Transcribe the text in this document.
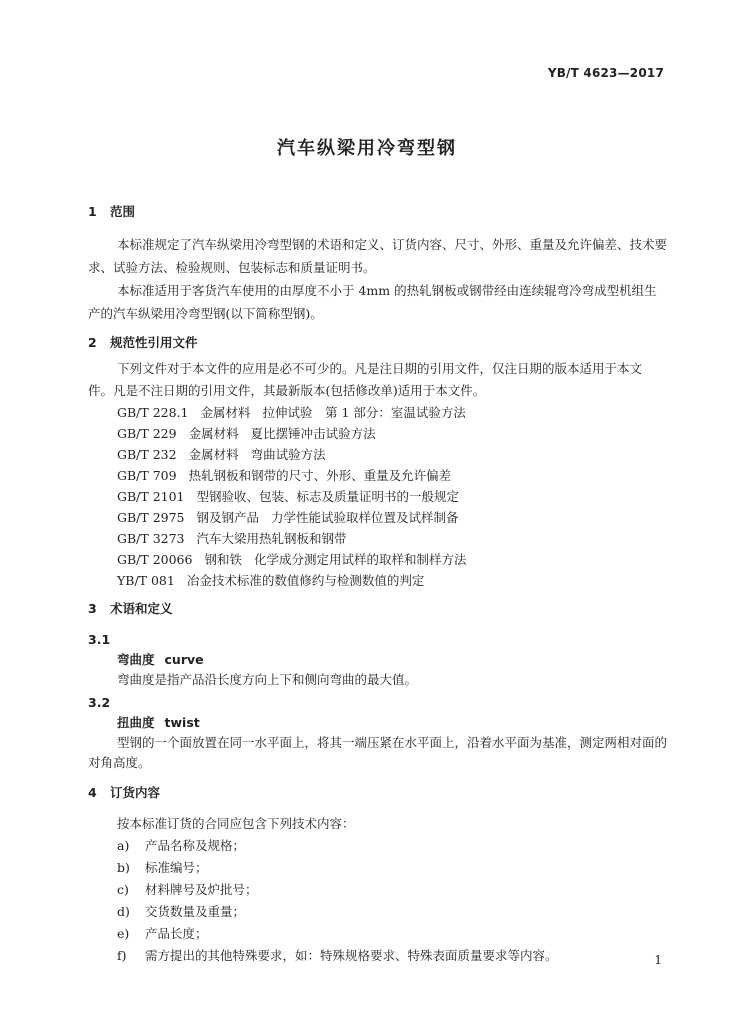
YB/T 4623—2017
汽车纵梁用冷弯型钢
1 范围
本标准规定了汽车纵梁用冷弯型钢的术语和定义、订货内容、尺寸、外形、重量及允许偏差、技术要
求、试验方法、检验规则、包装标志和质量证明书。
本标准适用于客货汽车使用的由厚度不小于 4mm 的热轧钢板或钢带经由连续辊弯冷弯成型机组生
产的汽车纵梁用冷弯型钢(以下简称型钢)。
2 规范性引用文件
下列文件对于本文件的应用是必不可少的。凡是注日期的引用文件，仅注日期的版本适用于本文
件。凡是不注日期的引用文件，其最新版本(包括修改单)适用于本文件。
GB/T 228.1 金属材料 拉伸试验　第 1 部分：室温试验方法
GB/T 229 金属材料 夏比摆锤冲击试验方法
GB/T 232 金属材料 弯曲试验方法
GB/T 709 热轧钢板和钢带的尺寸、外形、重量及允许偏差
GB/T 2101 型钢验收、包装、标志及质量证明书的一般规定
GB/T 2975 钢及钢产品 力学性能试验取样位置及试样制备
GB/T 3273 汽车大梁用热轧钢板和钢带
GB/T 20066 钢和铁 化学成分测定用试样的取样和制样方法
YB/T 081 冶金技术标准的数值修约与检测数值的判定
3 术语和定义
3.1
弯曲度 curve
弯曲度是指产品沿长度方向上下和侧向弯曲的最大值。
3.2
扭曲度 twist
型钢的一个面放置在同一水平面上，将其一端压紧在水平面上，沿着水平面为基准，测定两相对面的
对角高度。
4 订货内容
按本标准订货的合同应包含下列技术内容：
a) 产品名称及规格；
b) 标准编号；
c) 材料牌号及炉批号；
d) 交货数量及重量；
e) 产品长度；
f) 需方提出的其他特殊要求，如：特殊规格要求、特殊表面质量要求等内容。	1
